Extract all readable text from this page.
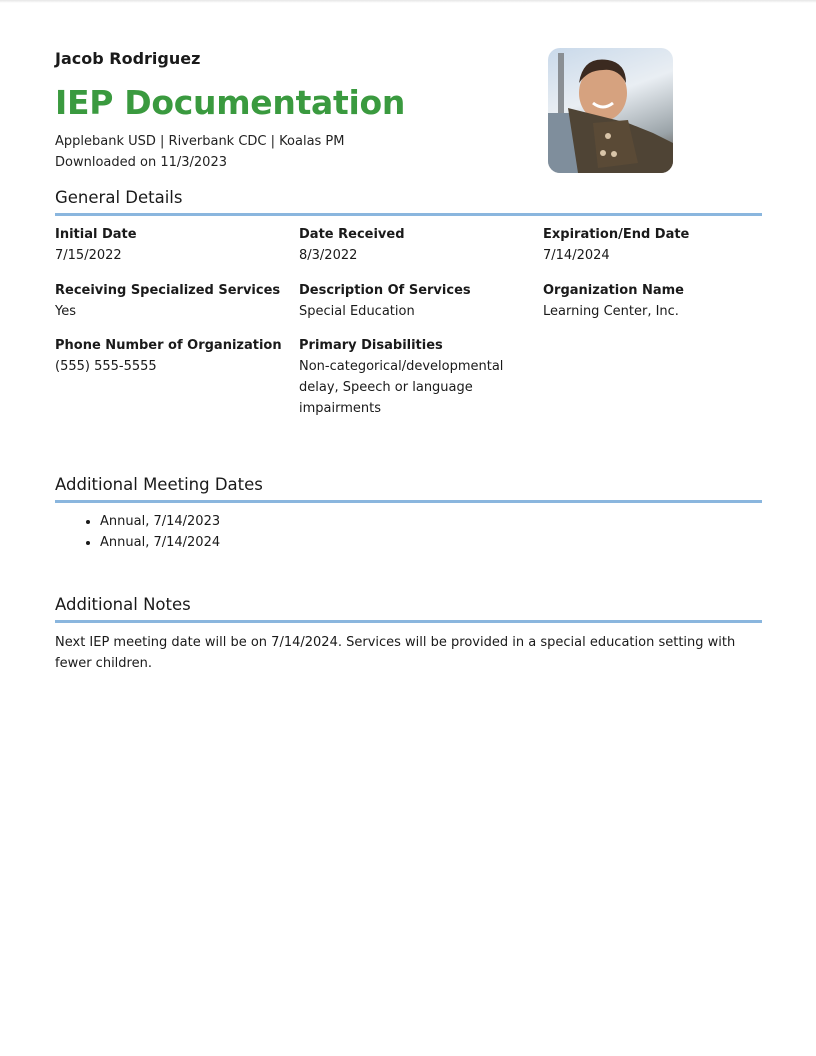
Jacob Rodriguez
IEP Documentation
Applebank USD | Riverbank CDC | Koalas PM
Downloaded on 11/3/2023
General Details
Initial Date
7/15/2022
Date Received
8/3/2022
Expiration/End Date
7/14/2024
Receiving Specialized Services
Yes
Description Of Services
Special Education
Organization Name
Learning Center, Inc.
Phone Number of Organization
(555) 555-5555
Primary Disabilities
Non-categorical/developmental delay, Speech or language impairments
Additional Meeting Dates
• Annual, 7/14/2023
• Annual, 7/14/2024
Additional Notes
Next IEP meeting date will be on 7/14/2024. Services will be provided in a special education setting with fewer children.
